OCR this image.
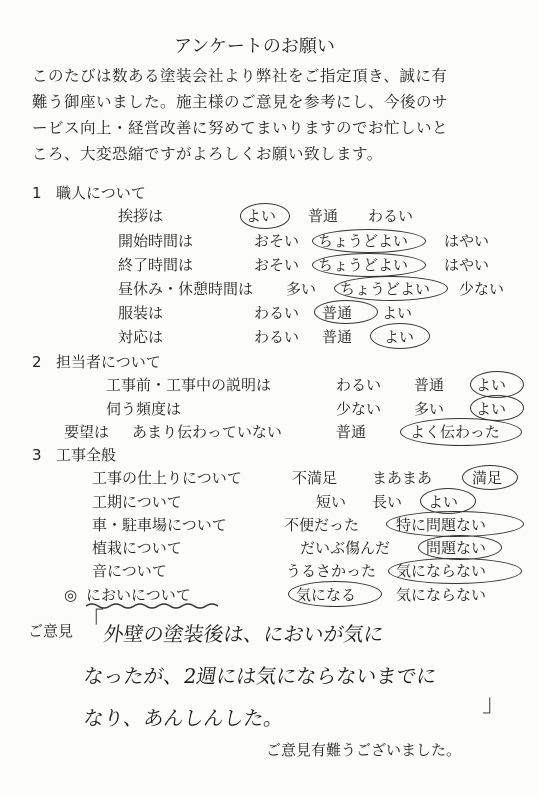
アンケートのお願い
このたびは数ある塗装会社より弊社をご指定頂き、誠に有
難う御座いました。施主様のご意見を参考にし、今後のサ
ービス向上・経営改善に努めてまいりますのでお忙しいと
ころ、大変恐縮ですがよろしくお願い致します。
1 職人について
挨拶は	よい 普通 わるい
開始時間は	おそい ちょうどよい はやい
終了時間は	おそい ちょうどよい はやい
昼休み・休憩時間は 多い ちょうどよい 少ない
服装は	わるい 普通 よい
対応は	わるい 普通 よい
2 担当者について
工事前・工事中の説明は	わるい 普通 よい
伺う頻度は	少ない 多い よい
要望は あまり伝わっていない	普通	よく伝わった
3 工事全般
工事の仕上りについて	不満足 まあまあ	満足
工期について	短い 長い よい
車・駐車場について	不便だった 特に問題ない
植栽について	だいぶ傷んだ 問題ない
音について	うるさかった 気にならない
◎ においについて	気になる	気にならない
ご意見 「
外壁の塗装後は、においが気に
なったが、2週には気にならないまでに
なり、あんしんした。
」
ご意見有難うございました。
